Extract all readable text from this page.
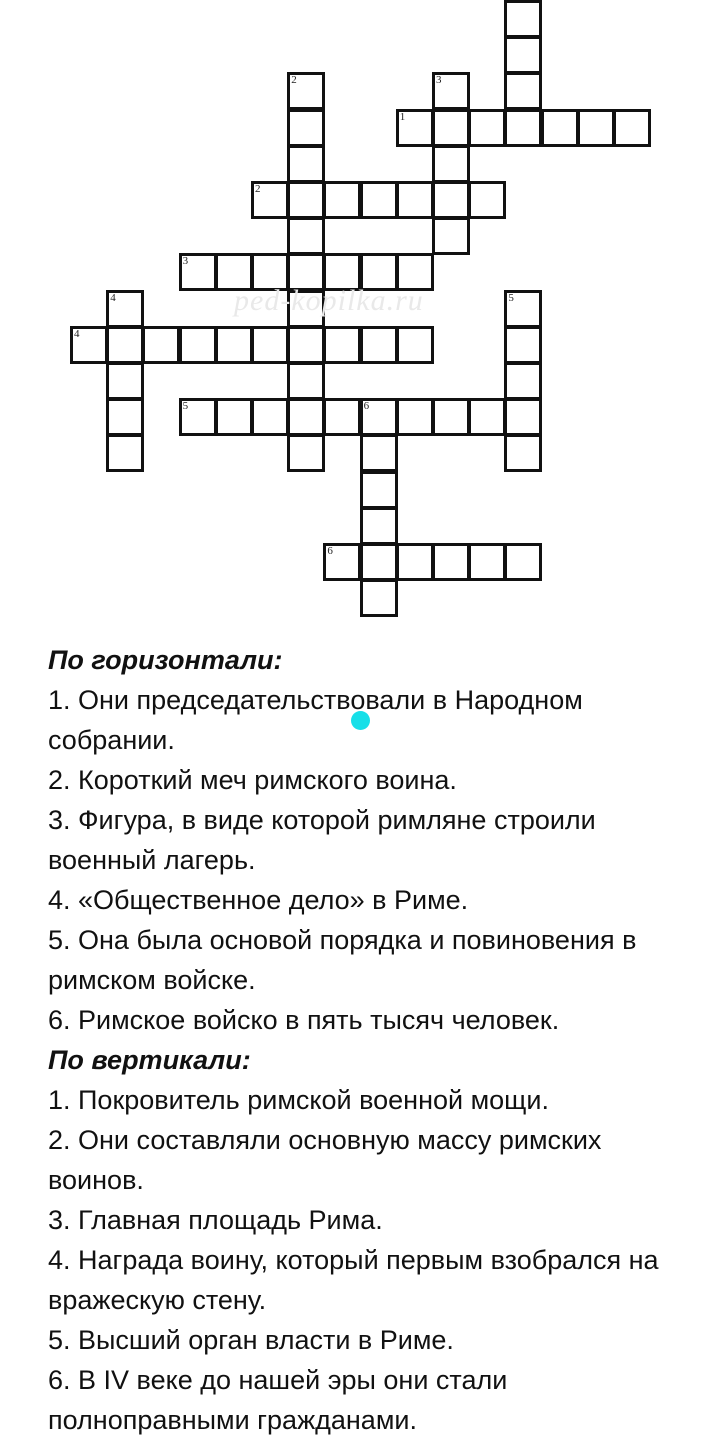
2	3
1
2
3
4	5
4
5	6
6
ped-kopilka.ru
По горизонтали:

1. Они председательствовали в Народном собрании.

2. Короткий меч римского воина.

3. Фигура, в виде которой римляне строили военный лагерь.

4. «Общественное дело» в Риме.

5. Она была основой порядка и повиновения в римском войске.

6. Римское войско в пять тысяч человек.

По вертикали:

1. Покровитель римской военной мощи.

2. Они составляли основную массу римских воинов.

3. Главная площадь Рима.

4. Награда воину, который первым взобрался на вражескую стену.

5. Высший орган власти в Риме.

6. В IV веке до нашей эры они стали полноправными гражданами.
